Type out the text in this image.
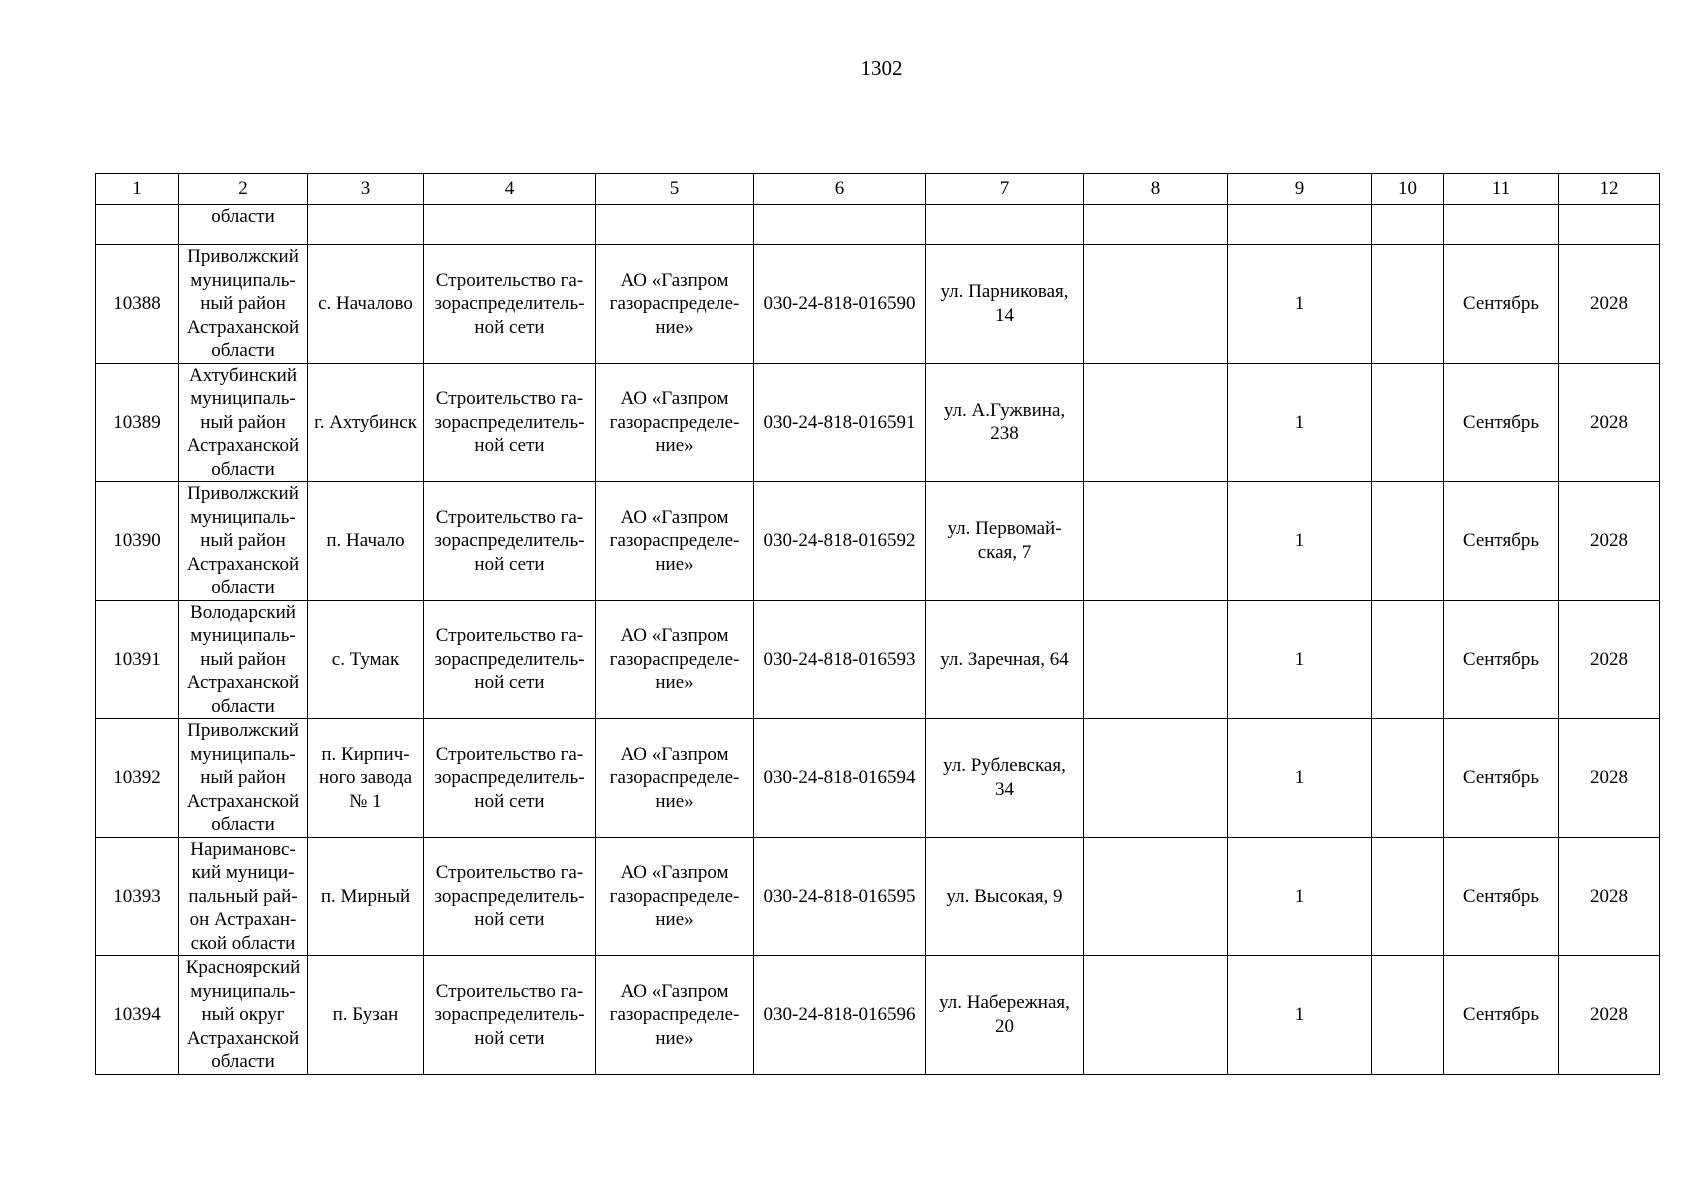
1302
1	2	3	4	5	6	7	8	9	10	11	12
	области										
10388	Приволжский
муниципаль-
ный район
Астраханской
области	с. Началово	Строительство га-
зораспределитель-
ной сети	АО «Газпром
газораспределе-
ние»	030-24-818-016590	ул. Парниковая,
14		1		Сентябрь	2028
10389	Ахтубинский
муниципаль-
ный район
Астраханской
области	г. Ахтубинск	Строительство га-
зораспределитель-
ной сети	АО «Газпром
газораспределе-
ние»	030-24-818-016591	ул. А.Гужвина,
238		1		Сентябрь	2028
10390	Приволжский
муниципаль-
ный район
Астраханской
области	п. Начало	Строительство га-
зораспределитель-
ной сети	АО «Газпром
газораспределе-
ние»	030-24-818-016592	ул. Первомай-
ская, 7		1		Сентябрь	2028
10391	Володарский
муниципаль-
ный район
Астраханской
области	с. Тумак	Строительство га-
зораспределитель-
ной сети	АО «Газпром
газораспределе-
ние»	030-24-818-016593	ул. Заречная, 64		1		Сентябрь	2028
10392	Приволжский
муниципаль-
ный район
Астраханской
области	п. Кирпич-
ного завода
№ 1	Строительство га-
зораспределитель-
ной сети	АО «Газпром
газораспределе-
ние»	030-24-818-016594	ул. Рублевская,
34		1		Сентябрь	2028
10393	Наримановс-
кий муници-
пальный рай-
он Астрахан-
ской области	п. Мирный	Строительство га-
зораспределитель-
ной сети	АО «Газпром
газораспределе-
ние»	030-24-818-016595	ул. Высокая, 9		1		Сентябрь	2028
10394	Красноярский
муниципаль-
ный округ
Астраханской
области	п. Бузан	Строительство га-
зораспределитель-
ной сети	АО «Газпром
газораспределе-
ние»	030-24-818-016596	ул. Набережная,
20		1		Сентябрь	2028
